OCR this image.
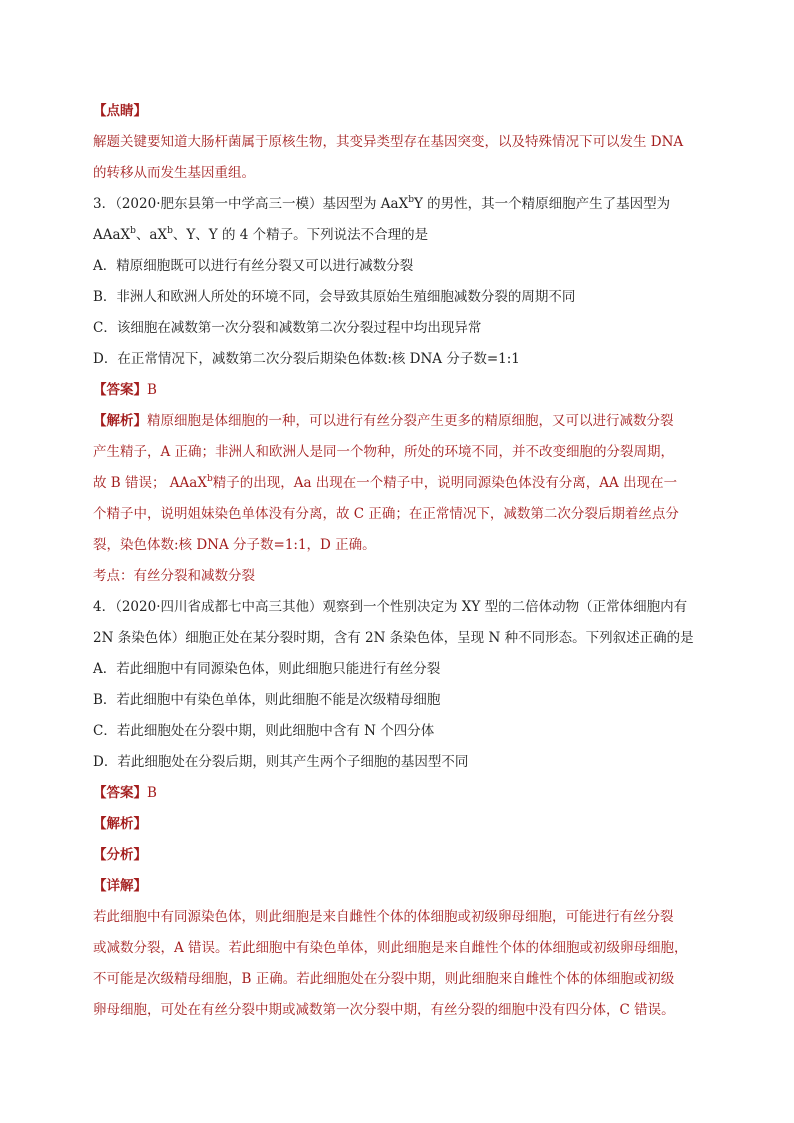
【点睛】

解题关键要知道大肠杆菌属于原核生物，其变异类型存在基因突变，以及特殊情况下可以发生 DNA

的转移从而发生基因重组。

3．（2020·肥东县第一中学高三一模）基因型为 AaX$^b$Y 的男性，其一个精原细胞产生了基因型为

AAaX$^b$、$aX^b$、Y、Y 的 4 个精子。下列说法不合理的是

A．精原细胞既可以进行有丝分裂又可以进行减数分裂

B．非洲人和欧洲人所处的环境不同，会导致其原始生殖细胞减数分裂的周期不同

C．该细胞在减数第一次分裂和减数第二次分裂过程中均出现异常

D．在正常情况下，减数第二次分裂后期染色体数:核 DNA 分子数=1:1

【答案】B

【解析】精原细胞是体细胞的一种，可以进行有丝分裂产生更多的精原细胞，又可以进行减数分裂

产生精子，A 正确；非洲人和欧洲人是同一个物种，所处的环境不同，并不改变细胞的分裂周期，

故 B 错误； AAaX$^b$精子的出现，Aa 出现在一个精子中，说明同源染色体没有分离，AA 出现在一

个精子中，说明姐妹染色单体没有分离，故 C 正确；在正常情况下，减数第二次分裂后期着丝点分

裂，染色体数:核 DNA 分子数=1:1，D 正确。

考点：有丝分裂和减数分裂

4．（2020·四川省成都七中高三其他）观察到一个性别决定为 XY 型的二倍体动物（正常体细胞内有

2N 条染色体）细胞正处在某分裂时期，含有 2N 条染色体，呈现 N 种不同形态。下列叙述正确的是

A．若此细胞中有同源染色体，则此细胞只能进行有丝分裂

B．若此细胞中有染色单体，则此细胞不能是次级精母细胞

C．若此细胞处在分裂中期，则此细胞中含有 N 个四分体

D．若此细胞处在分裂后期，则其产生两个子细胞的基因型不同

【答案】B

【解析】

【分析】

【详解】

若此细胞中有同源染色体，则此细胞是来自雌性个体的体细胞或初级卵母细胞，可能进行有丝分裂

或减数分裂，A 错误。若此细胞中有染色单体，则此细胞是来自雌性个体的体细胞或初级卵母细胞，

不可能是次级精母细胞，B 正确。若此细胞处在分裂中期，则此细胞来自雌性个体的体细胞或初级

卵母细胞，可处在有丝分裂中期或减数第一次分裂中期，有丝分裂的细胞中没有四分体，C 错误。
